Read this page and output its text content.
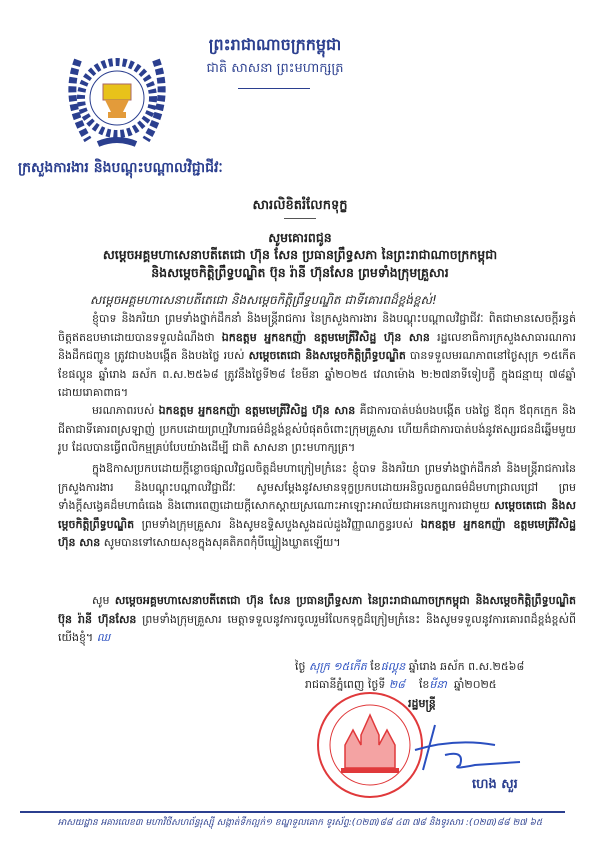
ព្រះរាជាណាចក្រកម្ពុជា
ជាតិ សាសនា ព្រះមហាក្សត្រ
ក្រសួងការងារ និងបណ្តុះបណ្តាលវិជ្ជាជីវៈ
សារលិខិតរំលែកទុក្ខ
សូមគោរពជូន
សម្តេចអគ្គមហាសេនាបតីតេជោ ហ៊ុន សែន ប្រធានព្រឹទ្ធសភា នៃព្រះរាជាណាចក្រកម្ពុជា
និងសម្តេចកិត្តិព្រឹទ្ធបណ្ឌិត ប៊ុន រ៉ានី ហ៊ុនសែន ព្រមទាំងក្រុមគ្រួសារ
សម្តេចអគ្គមហាសេនាបតីតេជោ និងសម្តេចកិត្តិព្រឹទ្ធបណ្ឌិត ជាទីគោរពដ៏ខ្ពង់ខ្ពស់!
ខ្ញុំបាទ និងភរិយា ព្រមទាំងថ្នាក់ដឹកនាំ និងមន្ត្រីរាជការ នៃក្រសួងការងារ និងបណ្តុះបណ្តាលវិជ្ជាជីវៈ ពិតជាមានសេចក្តីរន្ធត់ចិត្តឥតឧបមាដោយបានទទួលដំណឹងថា ឯកឧត្តម អ្នកឧកញ៉ា ឧត្តមមេត្រីវិសិដ្ឋ ហ៊ុន សាន រដ្ឋលេខាធិការក្រសួងសាធារណការ និងដឹកជញ្ជូន ត្រូវជាបងបង្កើត និងបងថ្លៃ របស់ សម្តេចតេជោ និងសម្តេចកិត្តិព្រឹទ្ធបណ្ឌិត បានទទួលមរណភាពនៅថ្ងៃសុក្រ ១៥កើត ខែផល្គុន ឆ្នាំរោង ឆស័ក ព.ស.២៥៦៨ ត្រូវនឹងថ្ងៃទី២៨ ខែមីនា ឆ្នាំ២០២៥ វេលាម៉ោង ២:២៧នាទីទៀបភ្លឺ ក្នុងជន្មាយុ ៧៨ឆ្នាំ ដោយរោគាពាធ។
មរណភាពរបស់ ឯកឧត្តម អ្នកឧកញ៉ា ឧត្តមមេត្រីវិសិដ្ឋ ហ៊ុន សាន គឺជាការបាត់បង់បងបង្កើត បងថ្លៃ ឪពុក ឪពុកក្មេក និងជីតាជាទីគោរពស្រឡាញ់ ប្រកបដោយព្រហ្មវិហារធម៌ដ៏ខ្ពង់ខ្ពស់បំផុតចំពោះក្រុមគ្រួសារ ហើយក៏ជាការបាត់បង់នូវឥស្សរជនដ៏ឆ្នើមមួយរូប ដែលបានធ្វើពលិកម្មគ្រប់បែបយ៉ាងដើម្បី ជាតិ សាសនា ព្រះមហាក្សត្រ។
ក្នុងឱកាសប្រកបដោយក្តីខ្លោចផ្សាលវិជ្ជលចិត្តដ៏មហាក្រៀមក្រំនេះ ខ្ញុំបាទ និងភរិយា ព្រមទាំងថ្នាក់ដឹកនាំ និងមន្ត្រីរាជការនៃក្រសួងការងារ និងបណ្តុះបណ្តាលវិជ្ជាជីវៈ សូមសម្តែងនូវសមានទុក្ខប្រកបដោយអនិច្ចលក្ខណធម៌ដ៏មហាជ្រាលជ្រៅ ព្រមទាំងក្តីសង្វេគដ៏មហាធំធេង និងពោរពេញដោយក្តីសោកស្តាយស្រណោះអាឡោះអាល័យជាអនេកប្បការជាមួយ សម្តេចតេជោ និងសម្តេចកិត្តិព្រឹទ្ធបណ្ឌិត ព្រមទាំងក្រុមគ្រួសារ និងសូមឧទ្ទិសបួងសួងដល់ដួងវិញ្ញាណក្ខន្ធរបស់ ឯកឧត្តម អ្នកឧកញ៉ា ឧត្តមមេត្រីវិសិដ្ឋ ហ៊ុន សាន សូមបានទៅសោយសុខក្នុងសុគតិភពកុំបីឃ្លៀងឃ្លាតឡើយ។
សូម សម្តេចអគ្គមហាសេនាបតីតេជោ ហ៊ុន សែន ប្រធានព្រឹទ្ធសភា នៃព្រះរាជាណាចក្រកម្ពុជា និងសម្តេចកិត្តិព្រឹទ្ធបណ្ឌិត ប៊ុន រ៉ានី ហ៊ុនសែន ព្រមទាំងក្រុមគ្រួសារ មេត្តាទទួលនូវការចូលរួមរំលែកទុក្ខដ៏ក្រៀមក្រំនេះ និងសូមទទួលនូវការគោរពដ៏ខ្ពង់ខ្ពស់ពីយើងខ្ញុំ។ ឈ
ថ្ងៃ សុក្រ ១៥កើត ខែផល្គុន ឆ្នាំរោង ឆស័ក ព.ស.២៥៦៨
រាជធានីភ្នំពេញ ថ្ងៃទី ២៨ ខែមីនា ឆ្នាំ២០២៥
រដ្ឋមន្ត្រី
ហេង សួរ
អាសយដ្ឋាន អគារលេខ៣ មហាវិថីសហព័ន្ធរុស្ស៊ី សង្កាត់ទឹកល្អក់១ ខណ្ឌទួលគោក ទូរស័ព្ទ:(០២៣)៨៨ ៤៣ ៧៨ និងទូរសារ :(០២៣)៨៨ ២៧ ៦៥
